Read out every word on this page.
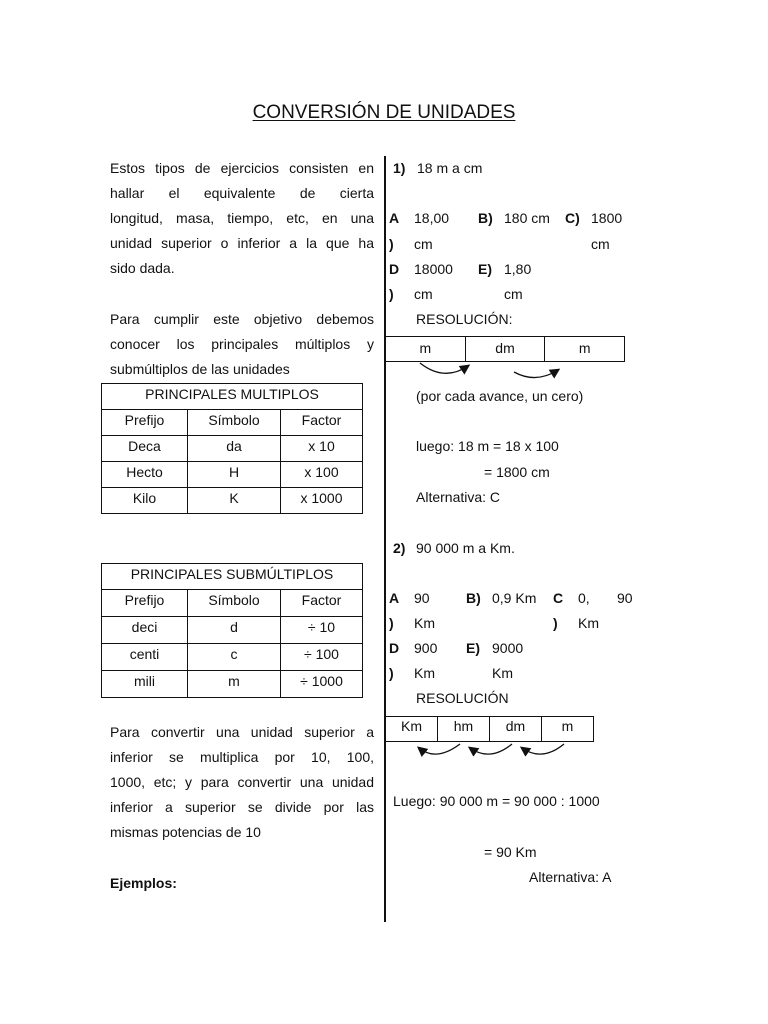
CONVERSIÓN DE UNIDADES
Estos tipos de ejercicios consisten en
hallar el equivalente de cierta
longitud, masa, tiempo, etc, en una
unidad superior o inferior a la que ha
sido dada.
Para cumplir este objetivo debemos
conocer los principales múltiplos y
submúltiplos de las unidades
PRINCIPALES MULTIPLOS		
Prefijo	Símbolo	Factor
Deca	da	x 10
Hecto	H	x 100
Kilo	K	x 1000
PRINCIPALES SUBMÚLTIPLOS		
Prefijo	Símbolo	Factor
deci	d	÷ 10
centi	c	÷ 100
mili	m	÷ 1000
Para convertir una unidad superior a
inferior se multiplica por 10, 100,
1000, etc; y para convertir una unidad
inferior a superior se divide por las
mismas potencias de 10
Ejemplos:
1) 18 m a cm
A 18,00 B) 180 cm C) 1800
) cm	cm
D 18000 E) 1,80
) cm	cm
RESOLUCIÓN:
m	dm	m
(por cada avance, un cero)
luego: 18 m = 18 x 100
= 1800 cm
Alternativa: C
2) 90 000 m a Km.
A 90	B) 0,9 Km C 0, 90
) Km	) Km
D 900 E) 9000
) Km	Km
RESOLUCIÓN
Km	hm	dm	m
Luego: 90 000 m = 90 000 : 1000
= 90 Km
Alternativa: A
